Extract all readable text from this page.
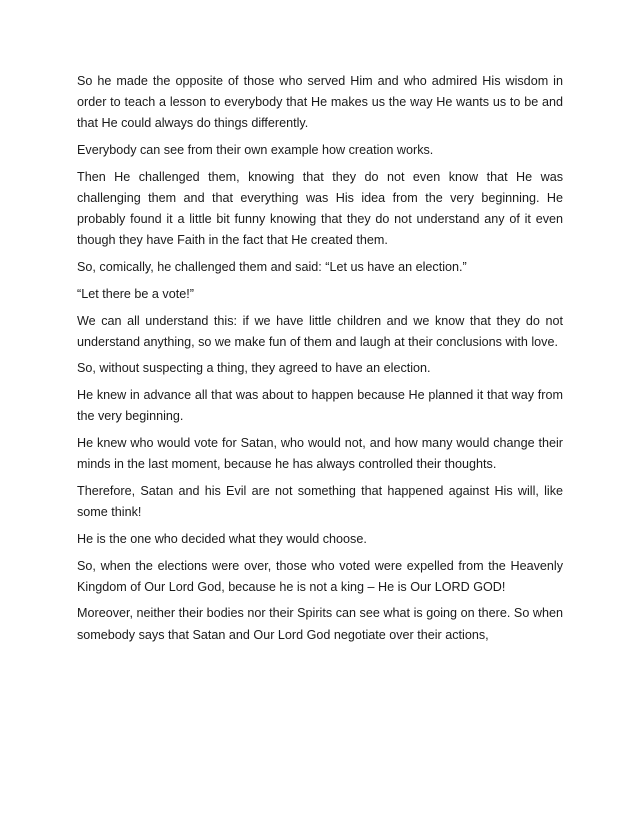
So he made the opposite of those who served Him and who admired His wisdom in order to teach a lesson to everybody that He makes us the way He wants us to be and that He could always do things differently.

Everybody can see from their own example how creation works.

Then He challenged them, knowing that they do not even know that He was challenging them and that everything was His idea from the very beginning. He probably found it a little bit funny knowing that they do not understand any of it even though they have Faith in the fact that He created them.

So, comically, he challenged them and said: “Let us have an election.”

“Let there be a vote!”

We can all understand this: if we have little children and we know that they do not understand anything, so we make fun of them and laugh at their conclusions with love.

So, without suspecting a thing, they agreed to have an election.

He knew in advance all that was about to happen because He planned it that way from the very beginning.

He knew who would vote for Satan, who would not, and how many would change their minds in the last moment, because he has always controlled their thoughts.

Therefore, Satan and his Evil are not something that happened against His will, like some think!

He is the one who decided what they would choose.

So, when the elections were over, those who voted were expelled from the Heavenly Kingdom of Our Lord God, because he is not a king – He is Our LORD GOD!

Moreover, neither their bodies nor their Spirits can see what is going on there. So when somebody says that Satan and Our Lord God negotiate over their actions,
